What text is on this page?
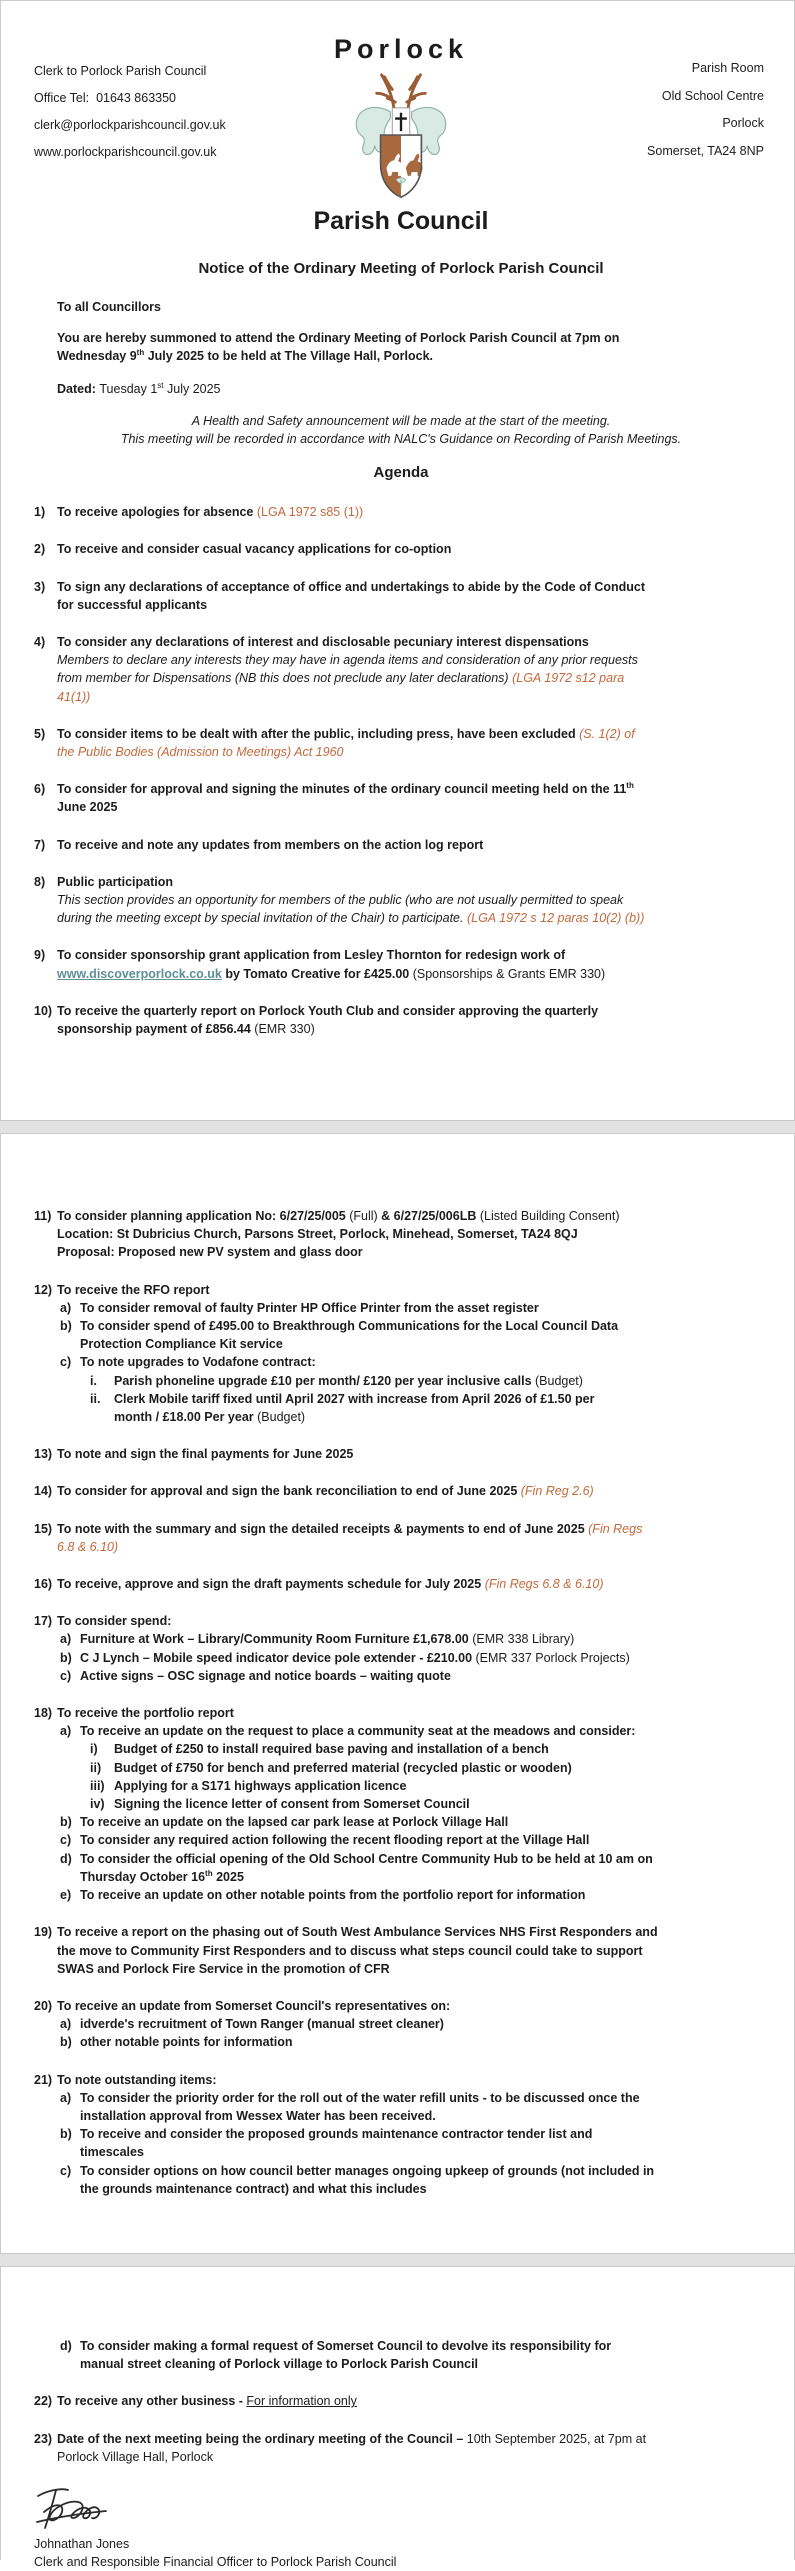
Clerk to Porlock Parish Council
Office Tel:  01643 863350
clerk@porlockparishcouncil.gov.uk
www.porlockparishcouncil.gov.uk
Porlock
Parish Council
Parish Room
Old School Centre
Porlock
Somerset, TA24 8NP
Notice of the Ordinary Meeting of Porlock Parish Council
To all Councillors
You are hereby summoned to attend the Ordinary Meeting of Porlock Parish Council at 7pm on
Wednesday 9th July 2025 to be held at The Village Hall, Porlock.
Dated: Tuesday 1st July 2025
A Health and Safety announcement will be made at the start of the meeting.
This meeting will be recorded in accordance with NALC's Guidance on Recording of Parish Meetings.
Agenda
1) To receive apologies for absence (LGA 1972 s85 (1))
2) To receive and consider casual vacancy applications for co-option
3) To sign any declarations of acceptance of office and undertakings to abide by the Code of Conduct
for successful applicants
4) To consider any declarations of interest and disclosable pecuniary interest dispensations
Members to declare any interests they may have in agenda items and consideration of any prior requests
from member for Dispensations (NB this does not preclude any later declarations) (LGA 1972 s12 para
41(1))
5) To consider items to be dealt with after the public, including press, have been excluded (S. 1(2) of
the Public Bodies (Admission to Meetings) Act 1960
6) To consider for approval and signing the minutes of the ordinary council meeting held on the 11th
June 2025
7) To receive and note any updates from members on the action log report
8) Public participation
This section provides an opportunity for members of the public (who are not usually permitted to speak
during the meeting except by special invitation of the Chair) to participate. (LGA 1972 s 12 paras 10(2) (b))
9) To consider sponsorship grant application from Lesley Thornton for redesign work of
www.discoverporlock.co.uk by Tomato Creative for £425.00 (Sponsorships & Grants EMR 330)
10) To receive the quarterly report on Porlock Youth Club and consider approving the quarterly
sponsorship payment of £856.44 (EMR 330)
11) To consider planning application No: 6/27/25/005 (Full) & 6/27/25/006LB (Listed Building Consent)
Location: St Dubricius Church, Parsons Street, Porlock, Minehead, Somerset, TA24 8QJ
Proposal: Proposed new PV system and glass door
12) To receive the RFO report
a) To consider removal of faulty Printer HP Office Printer from the asset register
b) To consider spend of £495.00 to Breakthrough Communications for the Local Council Data
Protection Compliance Kit service
c) To note upgrades to Vodafone contract:
i. Parish phoneline upgrade £10 per month/ £120 per year inclusive calls (Budget)
ii. Clerk Mobile tariff fixed until April 2027 with increase from April 2026 of £1.50 per
month / £18.00 Per year (Budget)
13) To note and sign the final payments for June 2025
14) To consider for approval and sign the bank reconciliation to end of June 2025 (Fin Reg 2.6)
15) To note with the summary and sign the detailed receipts & payments to end of June 2025 (Fin Regs
6.8 & 6.10)
16) To receive, approve and sign the draft payments schedule for July 2025 (Fin Regs 6.8 & 6.10)
17) To consider spend:
a) Furniture at Work – Library/Community Room Furniture £1,678.00 (EMR 338 Library)
b) C J Lynch – Mobile speed indicator device pole extender - £210.00 (EMR 337 Porlock Projects)
c) Active signs – OSC signage and notice boards – waiting quote
18) To receive the portfolio report
a) To receive an update on the request to place a community seat at the meadows and consider:
i) Budget of £250 to install required base paving and installation of a bench
ii) Budget of £750 for bench and preferred material (recycled plastic or wooden)
iii) Applying for a S171 highways application licence
iv) Signing the licence letter of consent from Somerset Council
b) To receive an update on the lapsed car park lease at Porlock Village Hall
c) To consider any required action following the recent flooding report at the Village Hall
d) To consider the official opening of the Old School Centre Community Hub to be held at 10 am on
Thursday October 16th 2025
e) To receive an update on other notable points from the portfolio report for information
19) To receive a report on the phasing out of South West Ambulance Services NHS First Responders and
the move to Community First Responders and to discuss what steps council could take to support
SWAS and Porlock Fire Service in the promotion of CFR
20) To receive an update from Somerset Council's representatives on:
a) idverde's recruitment of Town Ranger (manual street cleaner)
b) other notable points for information
21) To note outstanding items:
a) To consider the priority order for the roll out of the water refill units - to be discussed once the
installation approval from Wessex Water has been received.
b) To receive and consider the proposed grounds maintenance contractor tender list and
timescales
c) To consider options on how council better manages ongoing upkeep of grounds (not included in
the grounds maintenance contract) and what this includes
d) To consider making a formal request of Somerset Council to devolve its responsibility for
manual street cleaning of Porlock village to Porlock Parish Council
22) To receive any other business - For information only
23) Date of the next meeting being the ordinary meeting of the Council – 10th September 2025, at 7pm at
Porlock Village Hall, Porlock
Johnathan Jones
Clerk and Responsible Financial Officer to Porlock Parish Council
